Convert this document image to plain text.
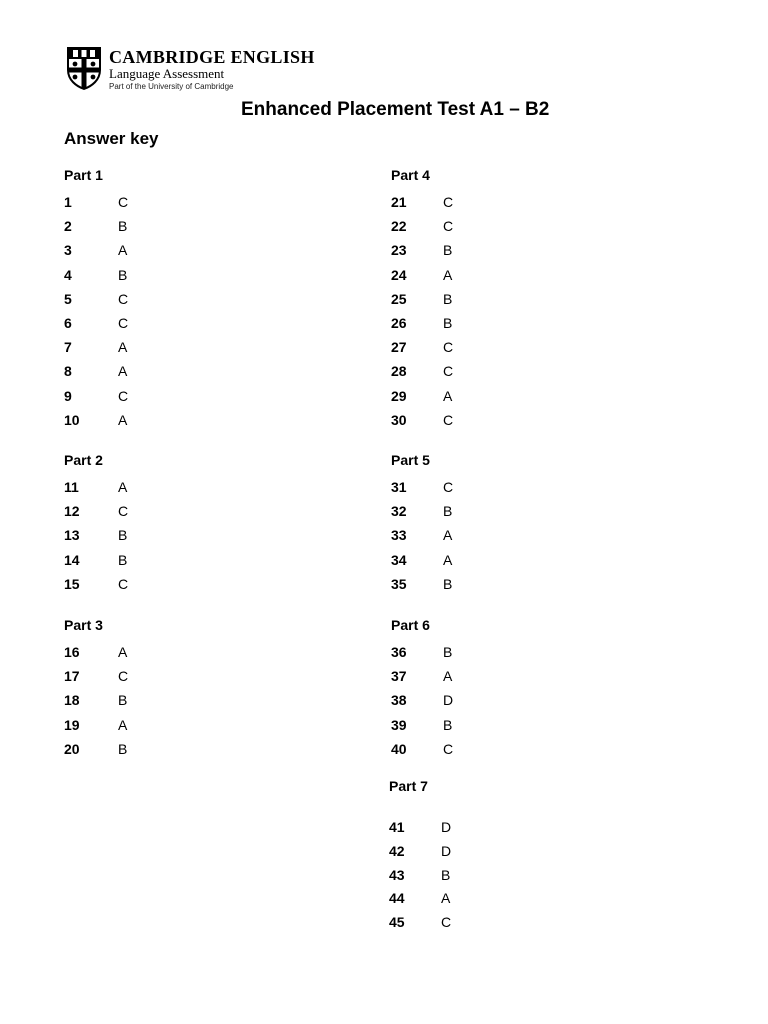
CAMBRIDGE ENGLISH
Language Assessment
Part of the University of Cambridge
Enhanced Placement Test A1 – B2
Answer key
Part 1
1	C
2	B
3	A
4	B
5	C
6	C
7	A
8	A
9	C
10	A
Part 2
11	A
12	C
13	B
14	B
15	C
Part 3
16	A
17	C
18	B
19	A
20	B
Part 4
21	C
22	C
23	B
24	A
25	B
26	B
27	C
28	C
29	A
30	C
Part 5
31	C
32	B
33	A
34	A
35	B
Part 6
36	B
37	A
38	D
39	B
40	C
Part 7
41	D
42	D
43	B
44	A
45	C
